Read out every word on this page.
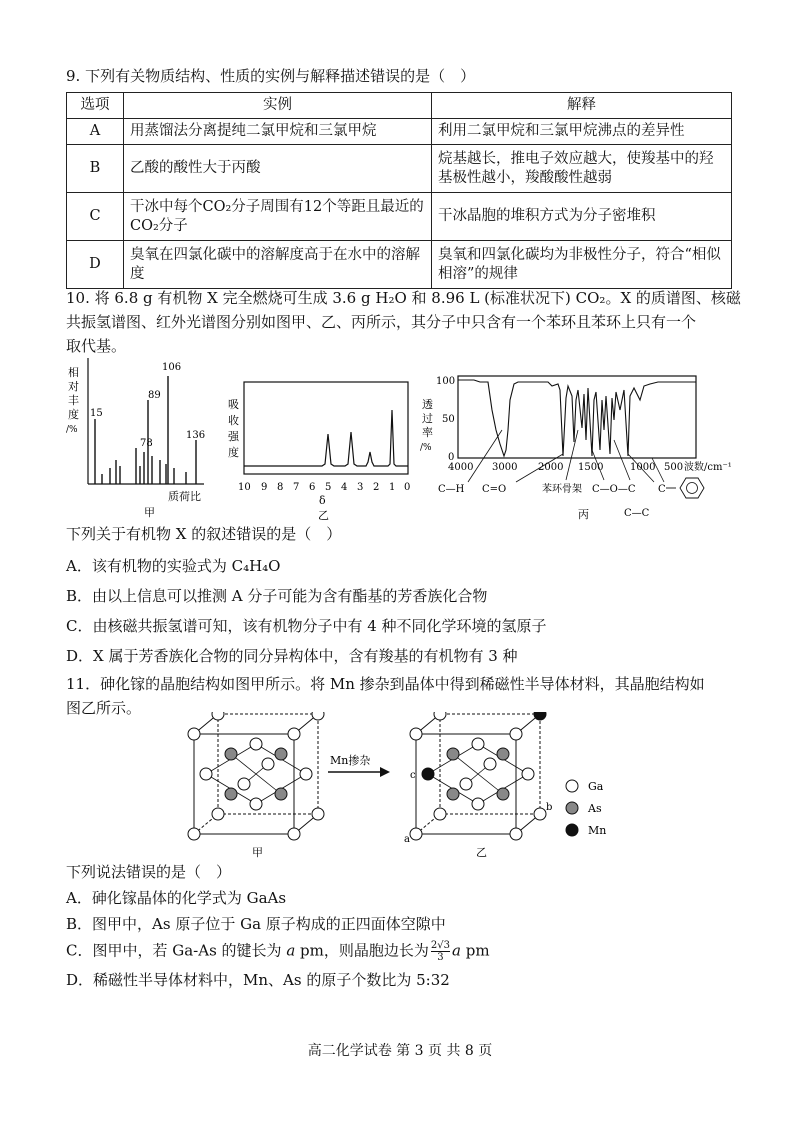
9. 下列有关物质结构、性质的实例与解释描述错误的是（　）
选项	实例	解释
A	用蒸馏法分离提纯二氯甲烷和三氯甲烷	利用二氯甲烷和三氯甲烷沸点的差异性
B	乙酸的酸性大于丙酸	烷基越长，推电子效应越大，使羧基中的羟基极性越小，羧酸酸性越弱
C	干冰中每个CO₂分子周围有12个等距且最近的CO₂分子	干冰晶胞的堆积方式为分子密堆积
D	臭氧在四氯化碳中的溶解度高于在水中的溶解度	臭氧和四氯化碳均为非极性分子，符合“相似相溶”的规律
10. 将 6.8 g 有机物 X 完全燃烧可生成 3.6 g H₂O 和 8.96 L (标准状况下) CO₂。X 的质谱图、核磁
共振氢谱图、红外光谱图分别如图甲、乙、丙所示，其分子中只含有一个苯环且苯环上只有一个
取代基。
相
对
丰
度
/%
15
78
89
106
136
质荷比
甲
吸
收
强
度
10 9 8 7 6 5 4 3 2 1 0
δ
乙
透
过
率
/%
100
50
0
4000 3000 2000 1500	1000 500 波数/cm⁻¹
C—H C=O	苯环骨架 C—O—C
C—C
C
丙
下列关于有机物 X 的叙述错误的是（　）
A．该有机物的实验式为 C₄H₄O
B．由以上信息可以推测 A 分子可能为含有酯基的芳香族化合物
C．由核磁共振氢谱可知，该有机物分子中有 4 种不同化学环境的氢原子
D．X 属于芳香族化合物的同分异构体中，含有羧基的有机物有 3 种
11．砷化镓的晶胞结构如图甲所示。将 Mn 掺杂到晶体中得到稀磁性半导体材料，其晶胞结构如
图乙所示。
甲
Mn掺杂
a
b
c
乙
Ga
As
Mn
下列说法错误的是（　）
A．砷化镓晶体的化学式为 GaAs
B．图甲中，As 原子位于 Ga 原子构成的正四面体空隙中
C．图甲中，若 Ga-As 的键长为 a pm，则晶胞边长为 $\frac{2√3}{3}$ a pm
D．稀磁性半导体材料中，Mn、As 的原子个数比为 5:32
高二化学试卷 第 3 页 共 8 页
